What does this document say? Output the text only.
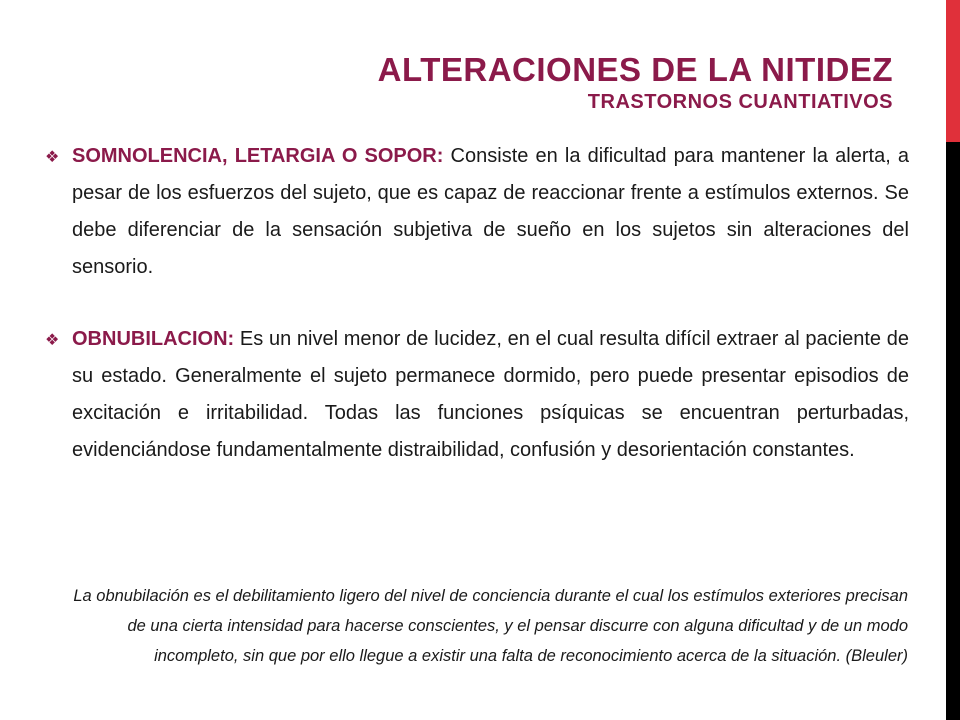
ALTERACIONES DE LA NITIDEZ
TRASTORNOS CUANTIATIVOS
❖ SOMNOLENCIA, LETARGIA O SOPOR: Consiste en la dificultad para mantener la alerta, a pesar de los esfuerzos del sujeto, que es capaz de reaccionar frente a estímulos externos. Se debe diferenciar de la sensación subjetiva de sueño en los sujetos sin alteraciones del sensorio.
❖ OBNUBILACION: Es un nivel menor de lucidez, en el cual resulta difícil extraer al paciente de su estado. Generalmente el sujeto permanece dormido, pero puede presentar episodios de excitación e irritabilidad. Todas las funciones psíquicas se encuentran perturbadas, evidenciándose fundamentalmente distraibilidad, confusión y desorientación constantes.

La obnubilación es el debilitamiento ligero del nivel de conciencia durante el cual los estímulos exteriores precisan de una cierta intensidad para hacerse conscientes, y el pensar discurre con alguna dificultad y de un modo incompleto, sin que por ello llegue a existir una falta de reconocimiento acerca de la situación. (Bleuler)
